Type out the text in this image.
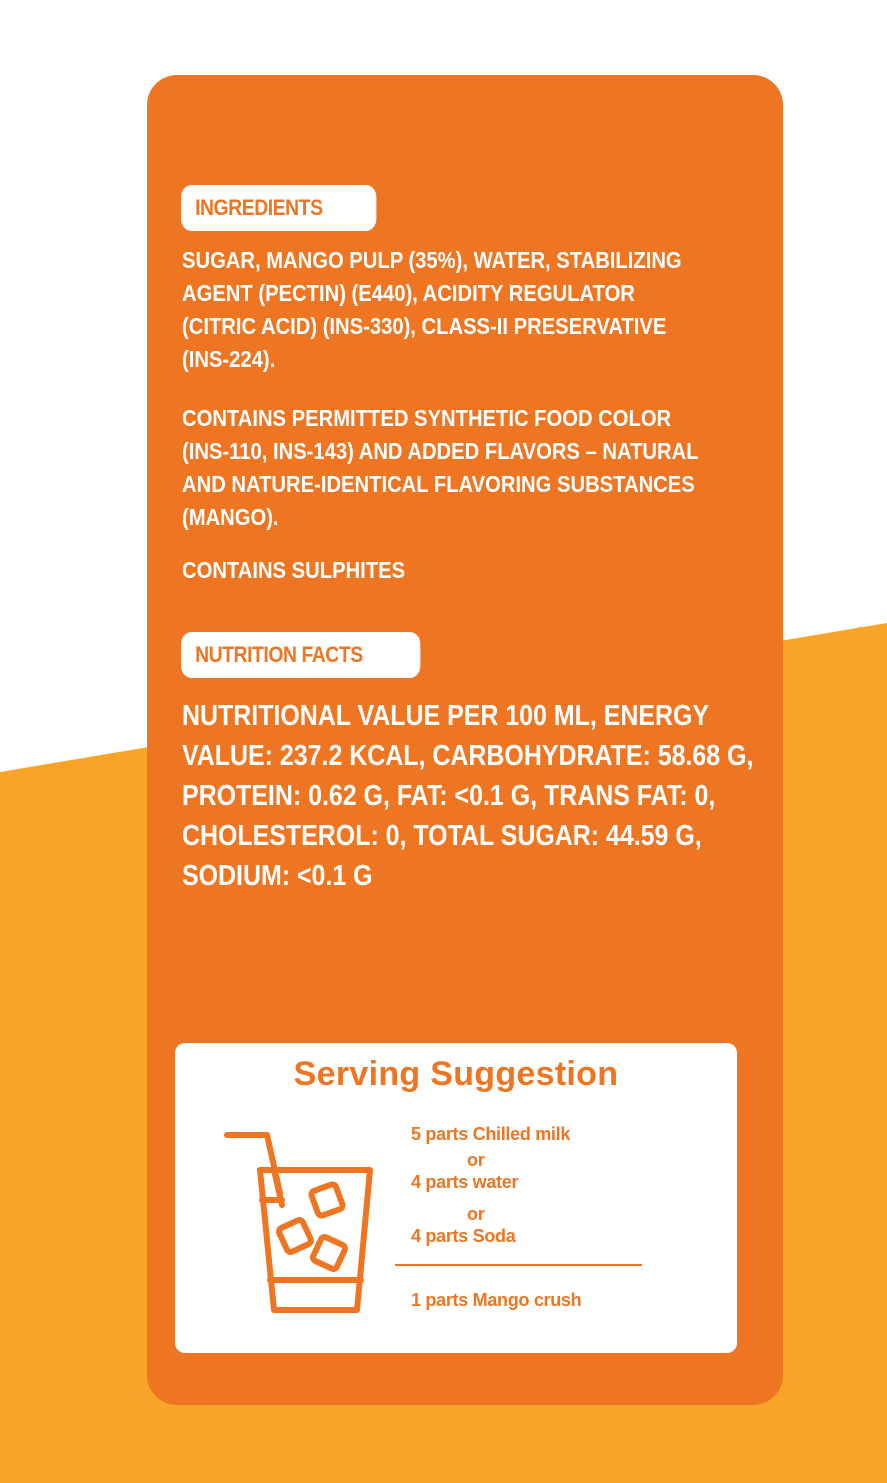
INGREDIENTS
SUGAR, MANGO PULP (35%), WATER, STABILIZING
AGENT (PECTIN) (E440), ACIDITY REGULATOR
(CITRIC ACID) (INS-330), CLASS-II PRESERVATIVE
(INS-224).
CONTAINS PERMITTED SYNTHETIC FOOD COLOR
(INS-110, INS-143) AND ADDED FLAVORS – NATURAL
AND NATURE-IDENTICAL FLAVORING SUBSTANCES
(MANGO).
CONTAINS SULPHITES
NUTRITION FACTS
NUTRITIONAL VALUE PER 100 ML, ENERGY
VALUE: 237.2 KCAL, CARBOHYDRATE: 58.68 G,
PROTEIN: 0.62 G, FAT: <0.1 G, TRANS FAT: 0,
CHOLESTEROL: 0, TOTAL SUGAR: 44.59 G,
SODIUM: <0.1 G
Serving Suggestion
5 parts Chilled milk
or
4 parts water
or
4 parts Soda
1 parts Mango crush
